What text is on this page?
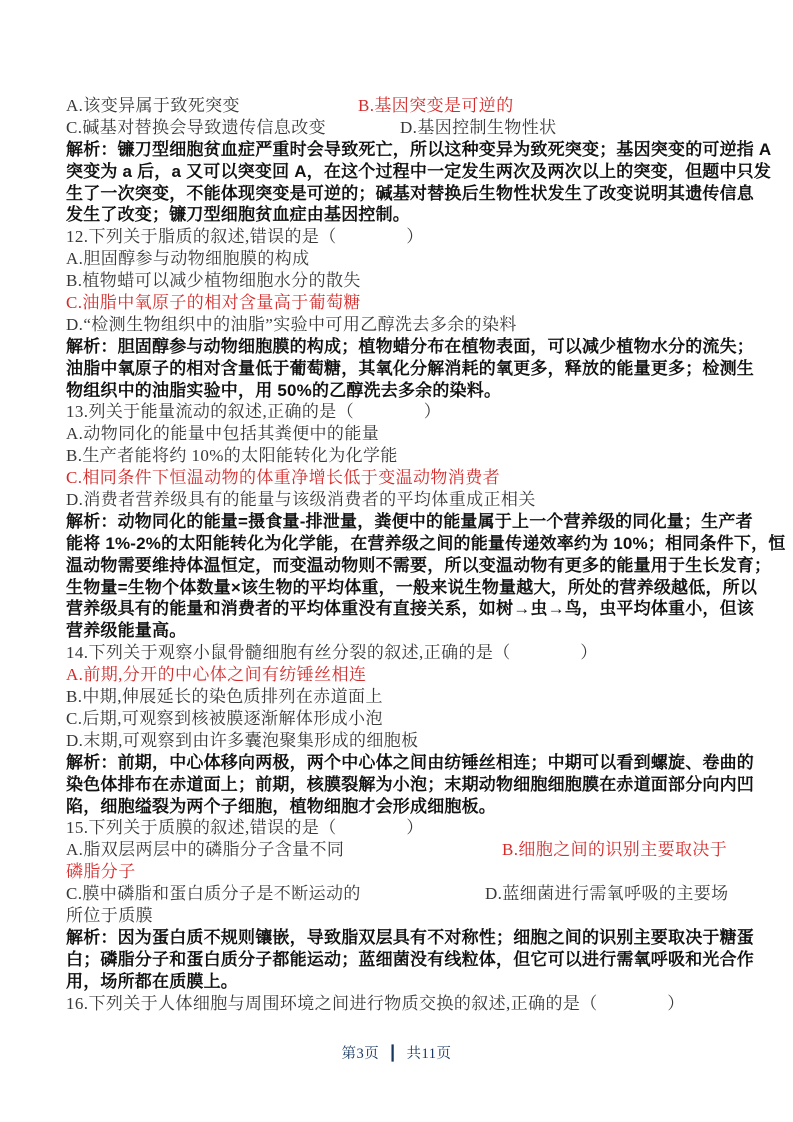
A.该变异属于致死突变	B.基因突变是可逆的
C.碱基对替换会导致遗传信息改变	D.基因控制生物性状
解析：镰刀型细胞贫血症严重时会导致死亡，所以这种变异为致死突变；基因突变的可逆指 A
突变为 a 后，a 又可以突变回 A，在这个过程中一定发生两次及两次以上的突变，但题中只发
生了一次突变，不能体现突变是可逆的；碱基对替换后生物性状发生了改变说明其遗传信息
发生了改变；镰刀型细胞贫血症由基因控制。
12.下列关于脂质的叙述,错误的是（　　　　）
A.胆固醇参与动物细胞膜的构成
B.植物蜡可以减少植物细胞水分的散失
C.油脂中氧原子的相对含量高于葡萄糖
D.“检测生物组织中的油脂”实验中可用乙醇洗去多余的染料
解析：胆固醇参与动物细胞膜的构成；植物蜡分布在植物表面，可以减少植物水分的流失；
油脂中氧原子的相对含量低于葡萄糖，其氧化分解消耗的氧更多，释放的能量更多；检测生
物组织中的油脂实验中，用 50%的乙醇洗去多余的染料。
13.列关于能量流动的叙述,正确的是（　　　　）
A.动物同化的能量中包括其粪便中的能量
B.生产者能将约 10%的太阳能转化为化学能
C.相同条件下恒温动物的体重净增长低于变温动物消费者
D.消费者营养级具有的能量与该级消费者的平均体重成正相关
解析：动物同化的能量=摄食量-排泄量，粪便中的能量属于上一个营养级的同化量；生产者
能将 1%-2%的太阳能转化为化学能，在营养级之间的能量传递效率约为 10%；相同条件下，恒
温动物需要维持体温恒定，而变温动物则不需要，所以变温动物有更多的能量用于生长发育；
生物量=生物个体数量×该生物的平均体重，一般来说生物量越大，所处的营养级越低，所以
营养级具有的能量和消费者的平均体重没有直接关系，如树→虫→鸟，虫平均体重小，但该
营养级能量高。
14.下列关于观察小鼠骨髓细胞有丝分裂的叙述,正确的是（　　　　）
A.前期,分开的中心体之间有纺锤丝相连
B.中期,伸展延长的染色质排列在赤道面上
C.后期,可观察到核被膜逐渐解体形成小泡
D.末期,可观察到由许多囊泡聚集形成的细胞板
解析：前期，中心体移向两极，两个中心体之间由纺锤丝相连；中期可以看到螺旋、卷曲的
染色体排布在赤道面上；前期，核膜裂解为小泡；末期动物细胞细胞膜在赤道面部分向内凹
陷，细胞缢裂为两个子细胞，植物细胞才会形成细胞板。
15.下列关于质膜的叙述,错误的是（　　　　）
A.脂双层两层中的磷脂分子含量不同	B.细胞之间的识别主要取决于
磷脂分子
C.膜中磷脂和蛋白质分子是不断运动的	D.蓝细菌进行需氧呼吸的主要场
所位于质膜
解析：因为蛋白质不规则镶嵌，导致脂双层具有不对称性；细胞之间的识别主要取决于糖蛋
白；磷脂分子和蛋白质分子都能运动；蓝细菌没有线粒体，但它可以进行需氧呼吸和光合作
用，场所都在质膜上。
16.下列关于人体细胞与周围环境之间进行物质交换的叙述,正确的是（　　　　）
第3页 ┃ 共11页
